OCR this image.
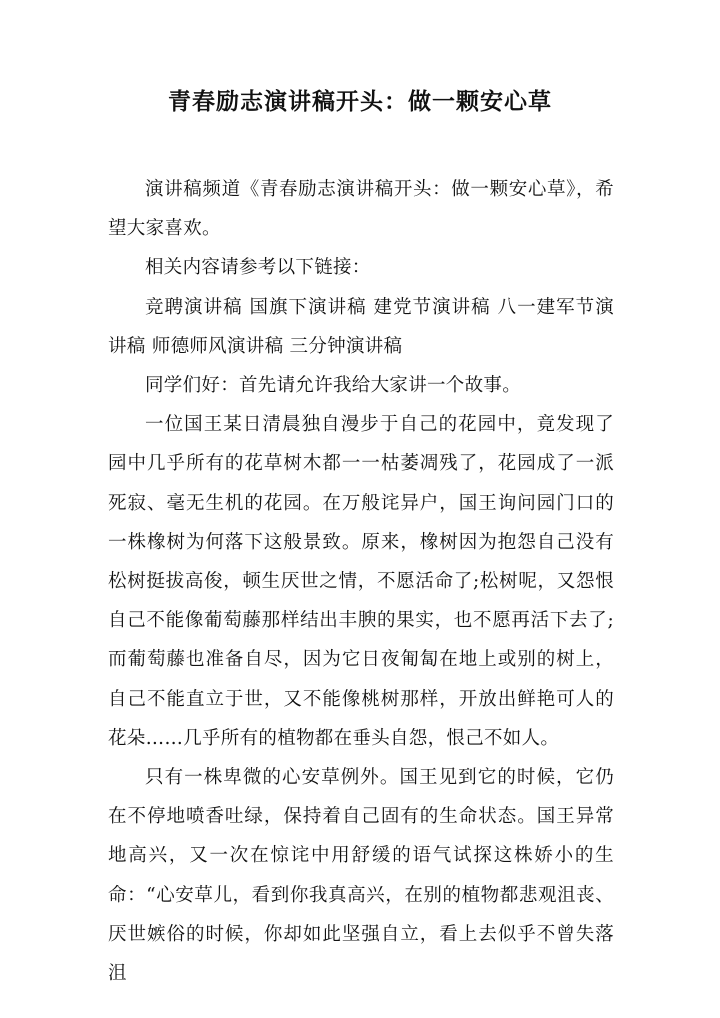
青春励志演讲稿开头：做一颗安心草

演讲稿频道《青春励志演讲稿开头：做一颗安心草》，希望大家喜欢。

相关内容请参考以下链接：

竞聘演讲稿 国旗下演讲稿 建党节演讲稿 八一建军节演讲稿 师德师风演讲稿 三分钟演讲稿

同学们好：首先请允许我给大家讲一个故事。

一位国王某日清晨独自漫步于自己的花园中，竟发现了园中几乎所有的花草树木都一一枯萎凋残了，花园成了一派死寂、毫无生机的花园。在万般诧异户，国王询问园门口的一株橡树为何落下这般景致。原来，橡树因为抱怨自己没有松树挺拔高俊，顿生厌世之情，不愿活命了;松树呢，又怨恨自己不能像葡萄藤那样结出丰腴的果实，也不愿再活下去了;而葡萄藤也准备自尽，因为它日夜匍匐在地上或别的树上，自己不能直立于世，又不能像桃树那样，开放出鲜艳可人的花朵……几乎所有的植物都在垂头自怨，恨己不如人。

只有一株卑微的心安草例外。国王见到它的时候，它仍在不停地喷香吐绿，保持着自己固有的生命状态。国王异常地高兴，又一次在惊诧中用舒缓的语气试探这株娇小的生命：“心安草儿，看到你我真高兴，在别的植物都悲观沮丧、厌世嫉俗的时候，你却如此坚强自立，看上去似乎不曾失落沮
